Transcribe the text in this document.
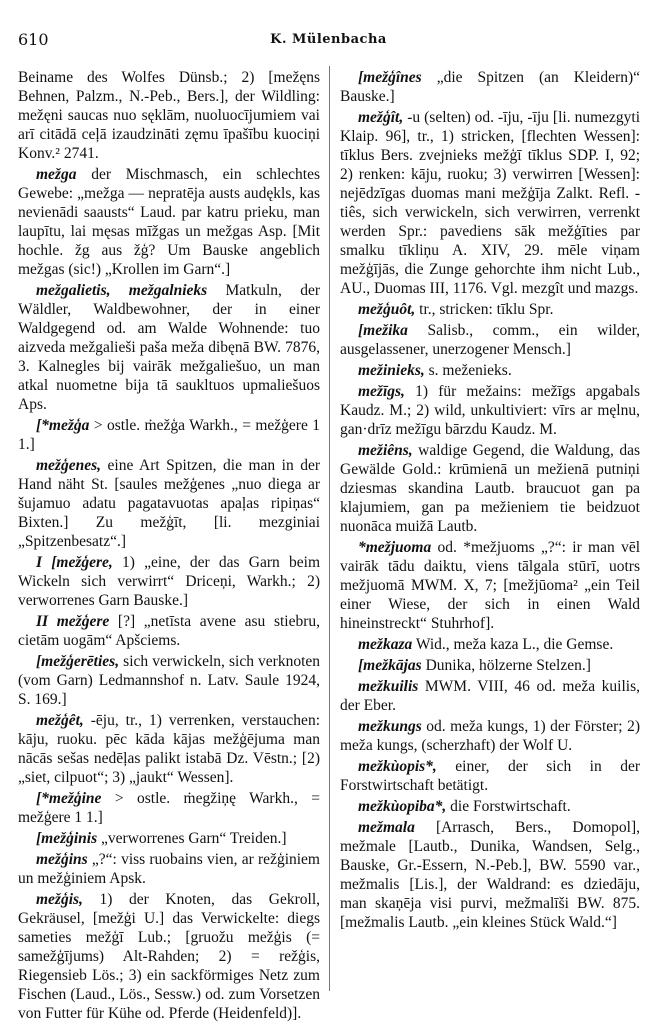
610	K. Mülenbacha

Beiname des Wolfes Dünsb.; 2) [mežęns Behnen, Palzm., N.-Peb., Bers.], der Wildling: mežęni saucas nuo sęklām, nuoluocījumiem vai arī citādā ceļā izaudzināti zęmu īpašību kuociņi Konv.² 2741.

mežga der Mischmasch, ein schlechtes Gewebe: „mežga — nepratēja austs audękls, kas nevienādi saausts“ Laud. par katru prieku, man laupītu, lai męsas mīžgas un mežgas Asp. [Mit hochle. žg aus žģ? Um Bauske angeblich mežgas (sic!) „Krollen im Garn“.]

mežgalietis, mežgalnieks Matkuln, der Wäldler, Waldbewohner, der in einer Waldgegend od. am Walde Wohnende: tuo aizveda mežgalieši paša meža dibęnā BW. 7876, 3. Kalnegles bij vairāk mežgaliešuo, un man atkal nuometne bija tā saukltuos upmaliešuos Aps.

[*mežģa > ostle. ṁežģa Warkh., = mežģere 1 1.]

mežģenes, eine Art Spitzen, die man in der Hand näht St. [saules mežģenes „nuo diega ar šujamuo adatu pagatavuotas apaļas ripiņas“ Bixten.] Zu mežģīt, [li. mezginiai „Spitzenbesatz“.]

I [mežģere, 1) „eine, der das Garn beim Wickeln sich verwirrt“ Driceņi, Warkh.; 2) verworrenes Garn Bauske.]

II mežģere [?] „netīsta avene asu stiebru, cietām uogām“ Apšciems.

[mežģerēties, sich verwickeln, sich verknoten (vom Garn) Ledmannshof n. Latv. Saule 1924, S. 169.]

mežģêt, -ēju, tr., 1) verrenken, verstauchen: kāju, ruoku. pēc kāda kājas mežģējuma man nācās sešas nedēļas palikt istabā Dz. Vēstn.; [2) „siet, cilpuot“; 3) „jaukt“ Wessen].

[*mežģine > ostle. ṁegžiņę Warkh., = mežģere 1 1.]

[mežģinis „verworrenes Garn“ Treiden.]

mežģins „?“: viss ruobains vien, ar režģiniem un mežģiniem Apsk.

mežģis, 1) der Knoten, das Gekroll, Gekräusel, [mežģi U.] das Verwickelte: diegs sameties mežģī Lub.; [gruožu mežģis (= samežģījums) Alt-Rahden; 2) = režģis, Riegensieb Lös.; 3) ein sackförmiges Netz zum Fischen (Laud., Lös., Sessw.) od. zum Vorsetzen von Futter für Kühe od. Pferde (Heidenfeld)].

[mežģînes „die Spitzen (an Kleidern)“ Bauske.]

mežģît, -u (selten) od. -īju, -īju [li. numezgyti Klaip. 96], tr., 1) stricken, [flechten Wessen]: tīklus Bers. zvejnieks mežģī tīklus SDP. I, 92; 2) renken: kāju, ruoku; 3) verwirren [Wessen]: nejēdzīgas duomas mani mežģīja Zalkt. Refl. -tiês, sich verwickeln, sich verwirren, verrenkt werden Spr.: pavediens sāk mežģīties par smalku tīkliņu A. XIV, 29. mēle viņam mežģījās, die Zunge gehorchte ihm nicht Lub., AU., Duomas III, 1176. Vgl. mezgît und mazgs.

mežģuôt, tr., stricken: tīklu Spr.

[mežika Salisb., comm., ein wilder, ausgelassener, unerzogener Mensch.]

mežinieks, s. meženieks.

mežīgs, 1) für mežains: mežīgs apgabals Kaudz. M.; 2) wild, unkultiviert: vīrs ar męlnu, gan·drīz mežīgu bārzdu Kaudz. M.

mežiêns, waldige Gegend, die Waldung, das Gewälde Gold.: krūmienā un mežienā putniņi dziesmas skandina Lautb. braucuot gan pa klajumiem, gan pa mežieniem tie beidzuot nuonāca muižā Lautb.

*mežjuoma od. *mežjuoms „?“: ir man vēl vairāk tādu daiktu, viens tālgala stūrī, uotrs mežjuomā MWM. X, 7; [mežjūoma² „ein Teil einer Wiese, der sich in einen Wald hineinstreckt“ Stuhrhof].

mežkaza Wid., meža kaza L., die Gemse.

[mežkājas Dunika, hölzerne Stelzen.]

mežkuilis MWM. VIII, 46 od. meža kuilis, der Eber.

mežkungs od. meža kungs, 1) der Förster; 2) meža kungs, (scherzhaft) der Wolf U.

mežkùopis*, einer, der sich in der Forstwirtschaft betätigt.

mežkùopiba*, die Forstwirtschaft.

mežmala [Arrasch, Bers., Domopol], mežmale [Lautb., Dunika, Wandsen, Selg., Bauske, Gr.-Essern, N.-Peb.], BW. 5590 var., mežmalis [Lis.], der Waldrand: es dziedāju, man skaņēja visi purvi, mežmalīši BW. 875. [mežmalis Lautb. „ein kleines Stück Wald.“]
